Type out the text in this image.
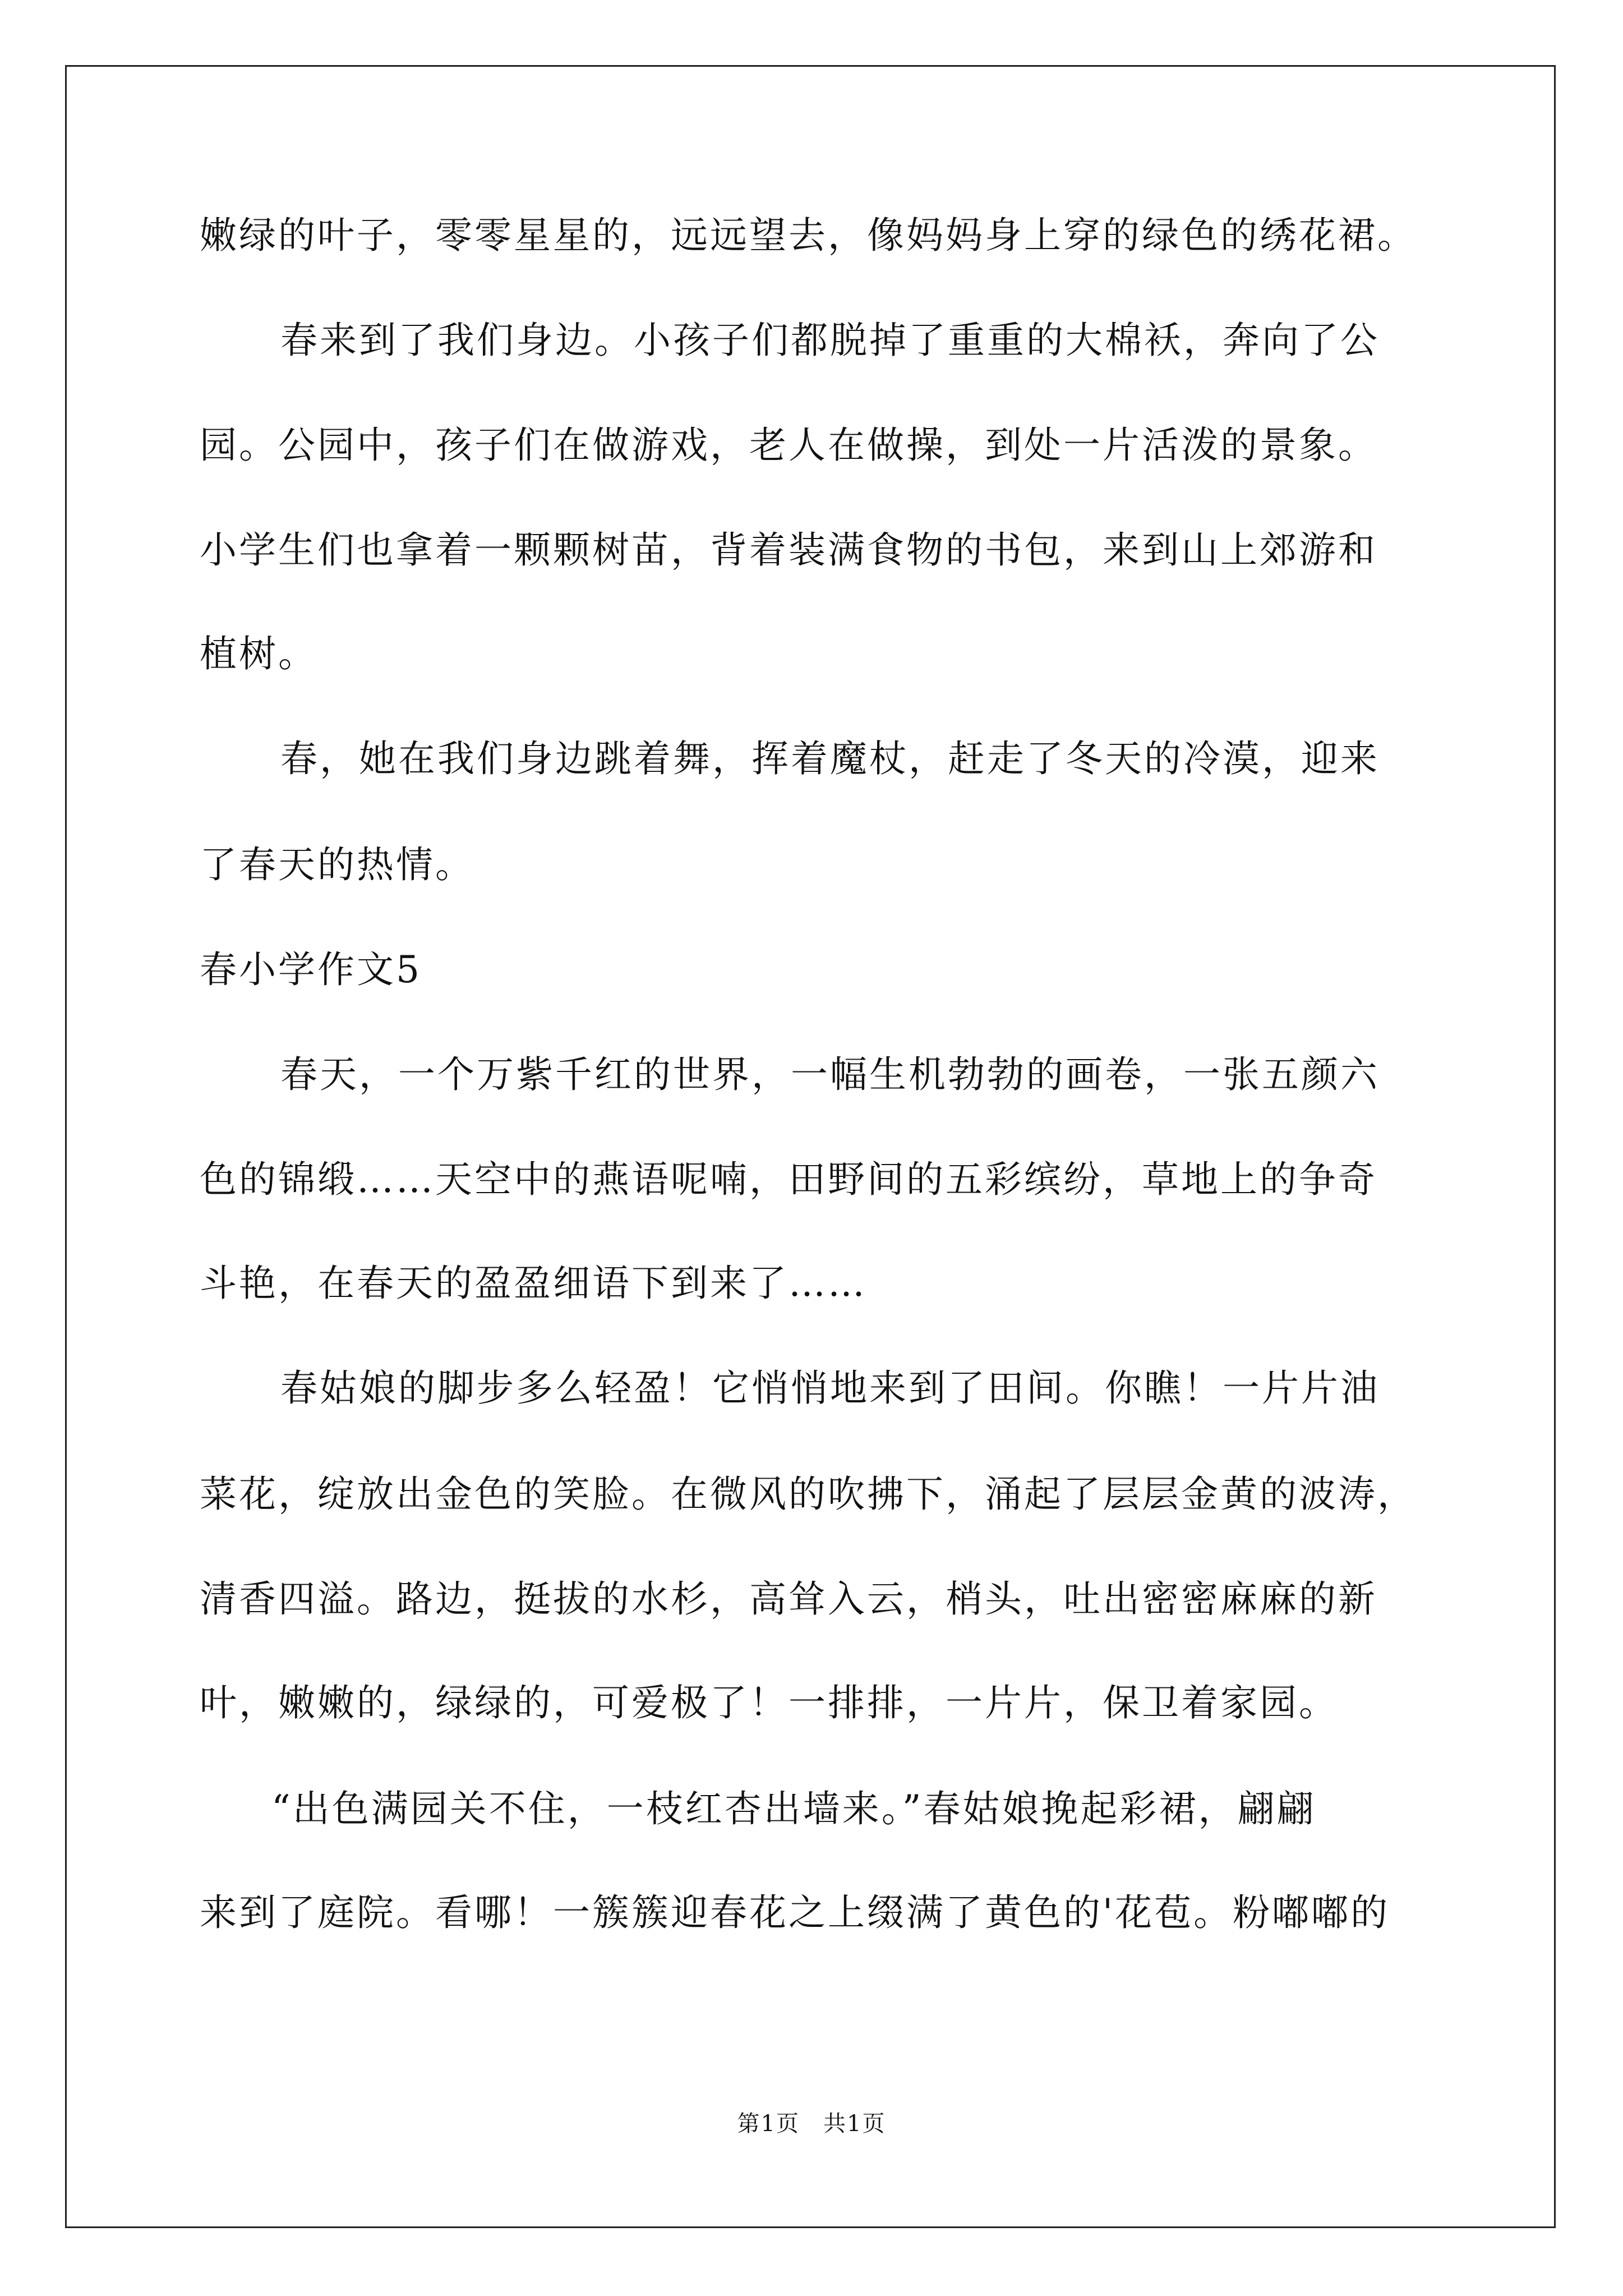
嫩绿的叶子，零零星星的，远远望去，像妈妈身上穿的绿色的绣花裙。
春来到了我们身边。小孩子们都脱掉了重重的大棉袄，奔向了公
园。公园中，孩子们在做游戏，老人在做操，到处一片活泼的景象。
小学生们也拿着一颗颗树苗，背着装满食物的书包，来到山上郊游和
植树。
春，她在我们身边跳着舞，挥着魔杖，赶走了冬天的冷漠，迎来
了春天的热情。
春小学作文5
春天，一个万紫千红的世界，一幅生机勃勃的画卷，一张五颜六
色的锦缎……天空中的燕语呢喃，田野间的五彩缤纷，草地上的争奇
斗艳，在春天的盈盈细语下到来了……
春姑娘的脚步多么轻盈！它悄悄地来到了田间。你瞧！一片片油
菜花，绽放出金色的笑脸。在微风的吹拂下，涌起了层层金黄的波涛，
清香四溢。路边，挺拔的水杉，高耸入云，梢头，吐出密密麻麻的新
叶，嫩嫩的，绿绿的，可爱极了！一排排，一片片，保卫着家园。
“出色满园关不住，一枝红杏出墙来。”春姑娘挽起彩裙，翩翩
来到了庭院。看哪！一簇簇迎春花之上缀满了黄色的'花苞。粉嘟嘟的
第1页　共1页
